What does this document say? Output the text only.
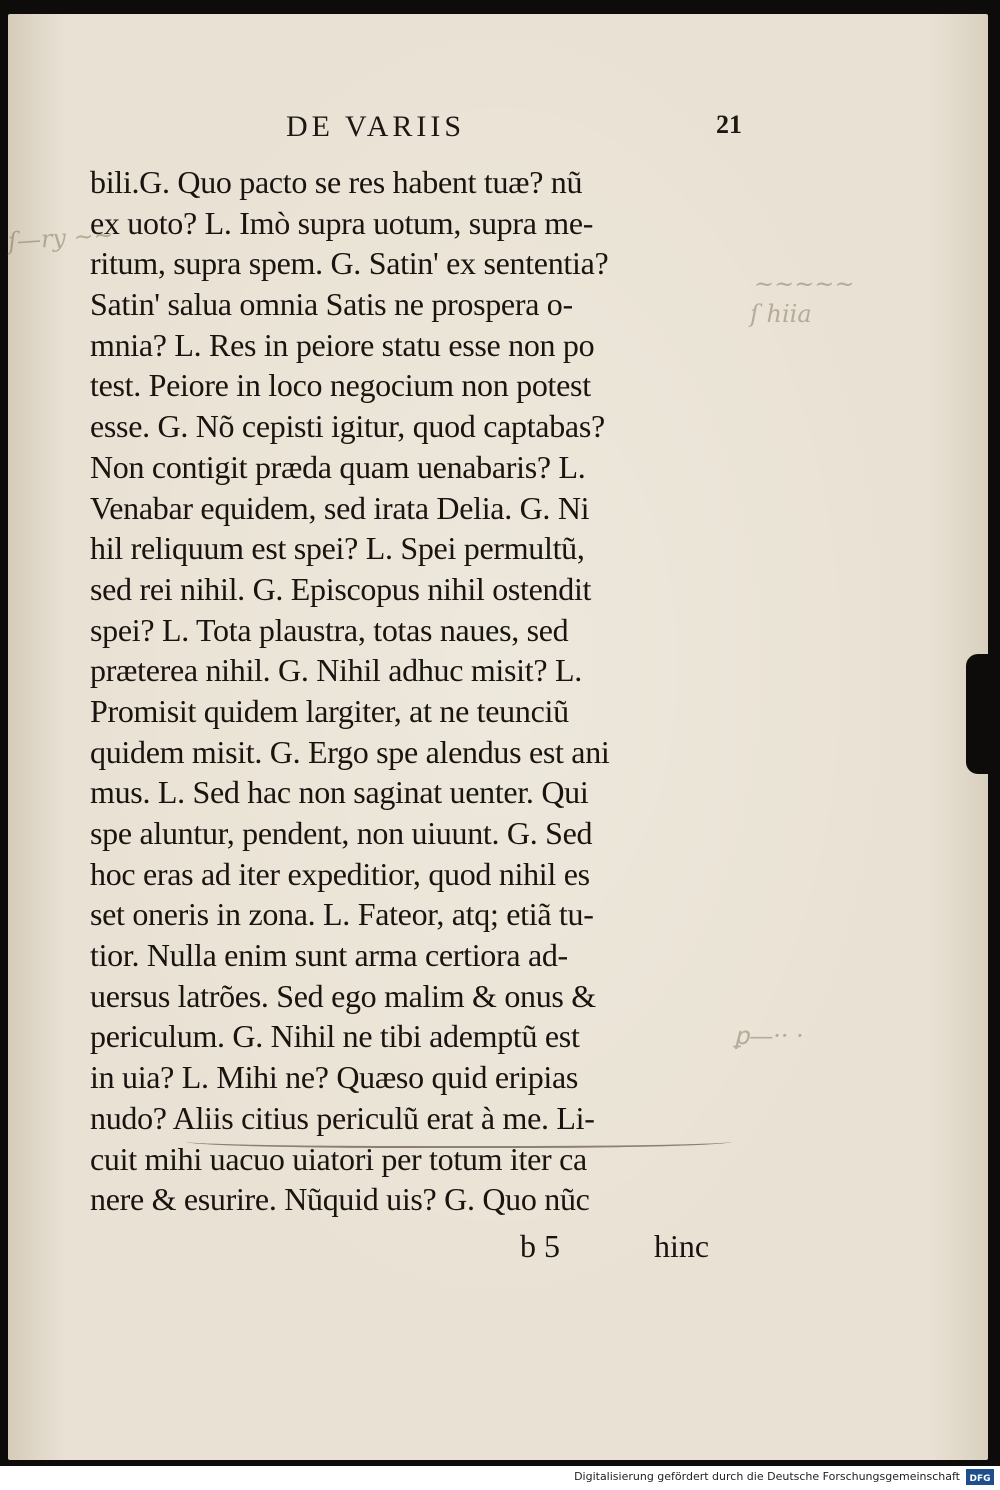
DE VARIIS	21
ſ—ry ~~
~~~~~
ſ hiia
ꝑ—·· ·
bili.G. Quo pacto se res habent tuæ? nũ
ex uoto? L. Imò supra uotum, supra me-
ritum, supra spem. G. Satin' ex sententia?
Satin' salua omnia Satis ne prospera o-
mnia? L. Res in peiore statu esse non po
test. Peiore in loco negocium non potest
esse. G. Nõ cepisti igitur, quod captabas?
Non contigit præda quam uenabaris? L.
Venabar equidem, sed irata Delia. G. Ni
hil reliquum est spei? L. Spei permultũ,
sed rei nihil. G. Episcopus nihil ostendit
spei? L. Tota plaustra, totas naues, sed
præterea nihil. G. Nihil adhuc misit? L.
Promisit quidem largiter, at ne teunciũ
quidem misit. G. Ergo spe alendus est ani
mus. L. Sed hac non saginat uenter. Qui
spe aluntur, pendent, non uiuunt. G. Sed
hoc eras ad iter expeditior, quod nihil es
set oneris in zona. L. Fateor, atq; etiã tu-
tior. Nulla enim sunt arma certiora ad-
uersus latrões. Sed ego malim & onus &
periculum. G. Nihil ne tibi ademptũ est
in uia? L. Mihi ne? Quæso quid eripias
nudo? Aliis citius periculũ erat à me. Li-
cuit mihi uacuo uiatori per totum iter ca
nere & esurire. Nũquid uis? G. Quo nũc
b 5	hinc
Digitalisierung gefördert durch die Deutsche Forschungsgemeinschaft DFG
